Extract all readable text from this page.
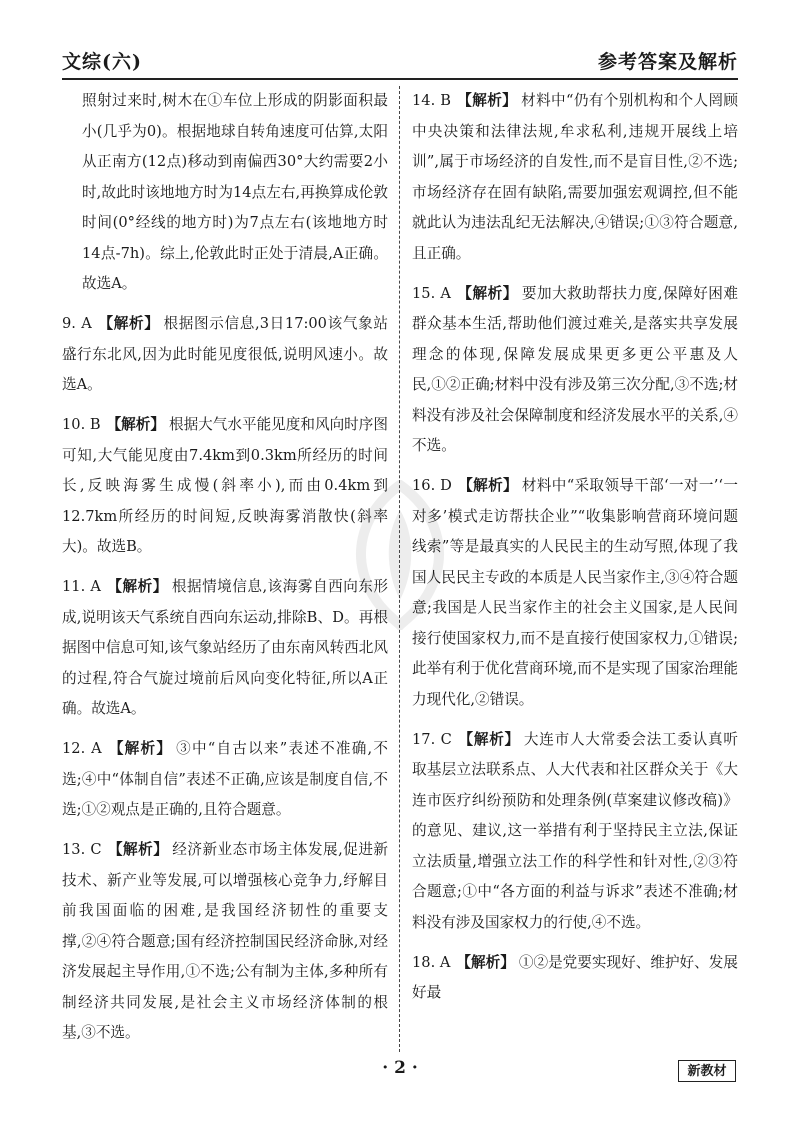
文综(六)	参考答案及解析

照射过来时,树木在①车位上形成的阴影面积最小(几乎为0)。根据地球自转角速度可估算,太阳从正南方(12点)移动到南偏西30°大约需要2小时,故此时该地地方时为14点左右,再换算成伦敦时间(0°经线的地方时)为7点左右(该地地方时14点-7h)。综上,伦敦此时正处于清晨,A正确。故选A。

9. A 【解析】 根据图示信息,3日17:00该气象站盛行东北风,因为此时能见度很低,说明风速小。故选A。

10. B 【解析】 根据大气水平能见度和风向时序图可知,大气能见度由7.4km到0.3km所经历的时间长,反映海雾生成慢(斜率小),而由0.4km到12.7km所经历的时间短,反映海雾消散快(斜率大)。故选B。

11. A 【解析】 根据情境信息,该海雾自西向东形成,说明该天气系统自西向东运动,排除B、D。再根据图中信息可知,该气象站经历了由东南风转西北风的过程,符合气旋过境前后风向变化特征,所以A正确。故选A。

12. A 【解析】 ③中“自古以来”表述不准确,不选;④中“体制自信”表述不正确,应该是制度自信,不选;①②观点是正确的,且符合题意。

13. C 【解析】 经济新业态市场主体发展,促进新技术、新产业等发展,可以增强核心竞争力,纾解目前我国面临的困难,是我国经济韧性的重要支撑,②④符合题意;国有经济控制国民经济命脉,对经济发展起主导作用,①不选;公有制为主体,多种所有制经济共同发展,是社会主义市场经济体制的根基,③不选。

14. B 【解析】 材料中“仍有个别机构和个人罔顾中央决策和法律法规,牟求私利,违规开展线上培训”,属于市场经济的自发性,而不是盲目性,②不选;市场经济存在固有缺陷,需要加强宏观调控,但不能就此认为违法乱纪无法解决,④错误;①③符合题意,且正确。

15. A 【解析】 要加大救助帮扶力度,保障好困难群众基本生活,帮助他们渡过难关,是落实共享发展理念的体现,保障发展成果更多更公平惠及人民,①②正确;材料中没有涉及第三次分配,③不选;材料没有涉及社会保障制度和经济发展水平的关系,④不选。

16. D 【解析】 材料中“采取领导干部‘一对一’‘一对多’模式走访帮扶企业”“收集影响营商环境问题线索”等是最真实的人民民主的生动写照,体现了我国人民民主专政的本质是人民当家作主,③④符合题意;我国是人民当家作主的社会主义国家,是人民间接行使国家权力,而不是直接行使国家权力,①错误;此举有利于优化营商环境,而不是实现了国家治理能力现代化,②错误。

17. C 【解析】 大连市人大常委会法工委认真听取基层立法联系点、人大代表和社区群众关于《大连市医疗纠纷预防和处理条例(草案建议修改稿)》的意见、建议,这一举措有利于坚持民主立法,保证立法质量,增强立法工作的科学性和针对性,②③符合题意;①中“各方面的利益与诉求”表述不准确;材料没有涉及国家权力的行使,④不选。

18. A 【解析】 ①②是党要实现好、维护好、发展好最

· 2 ·	新教材
